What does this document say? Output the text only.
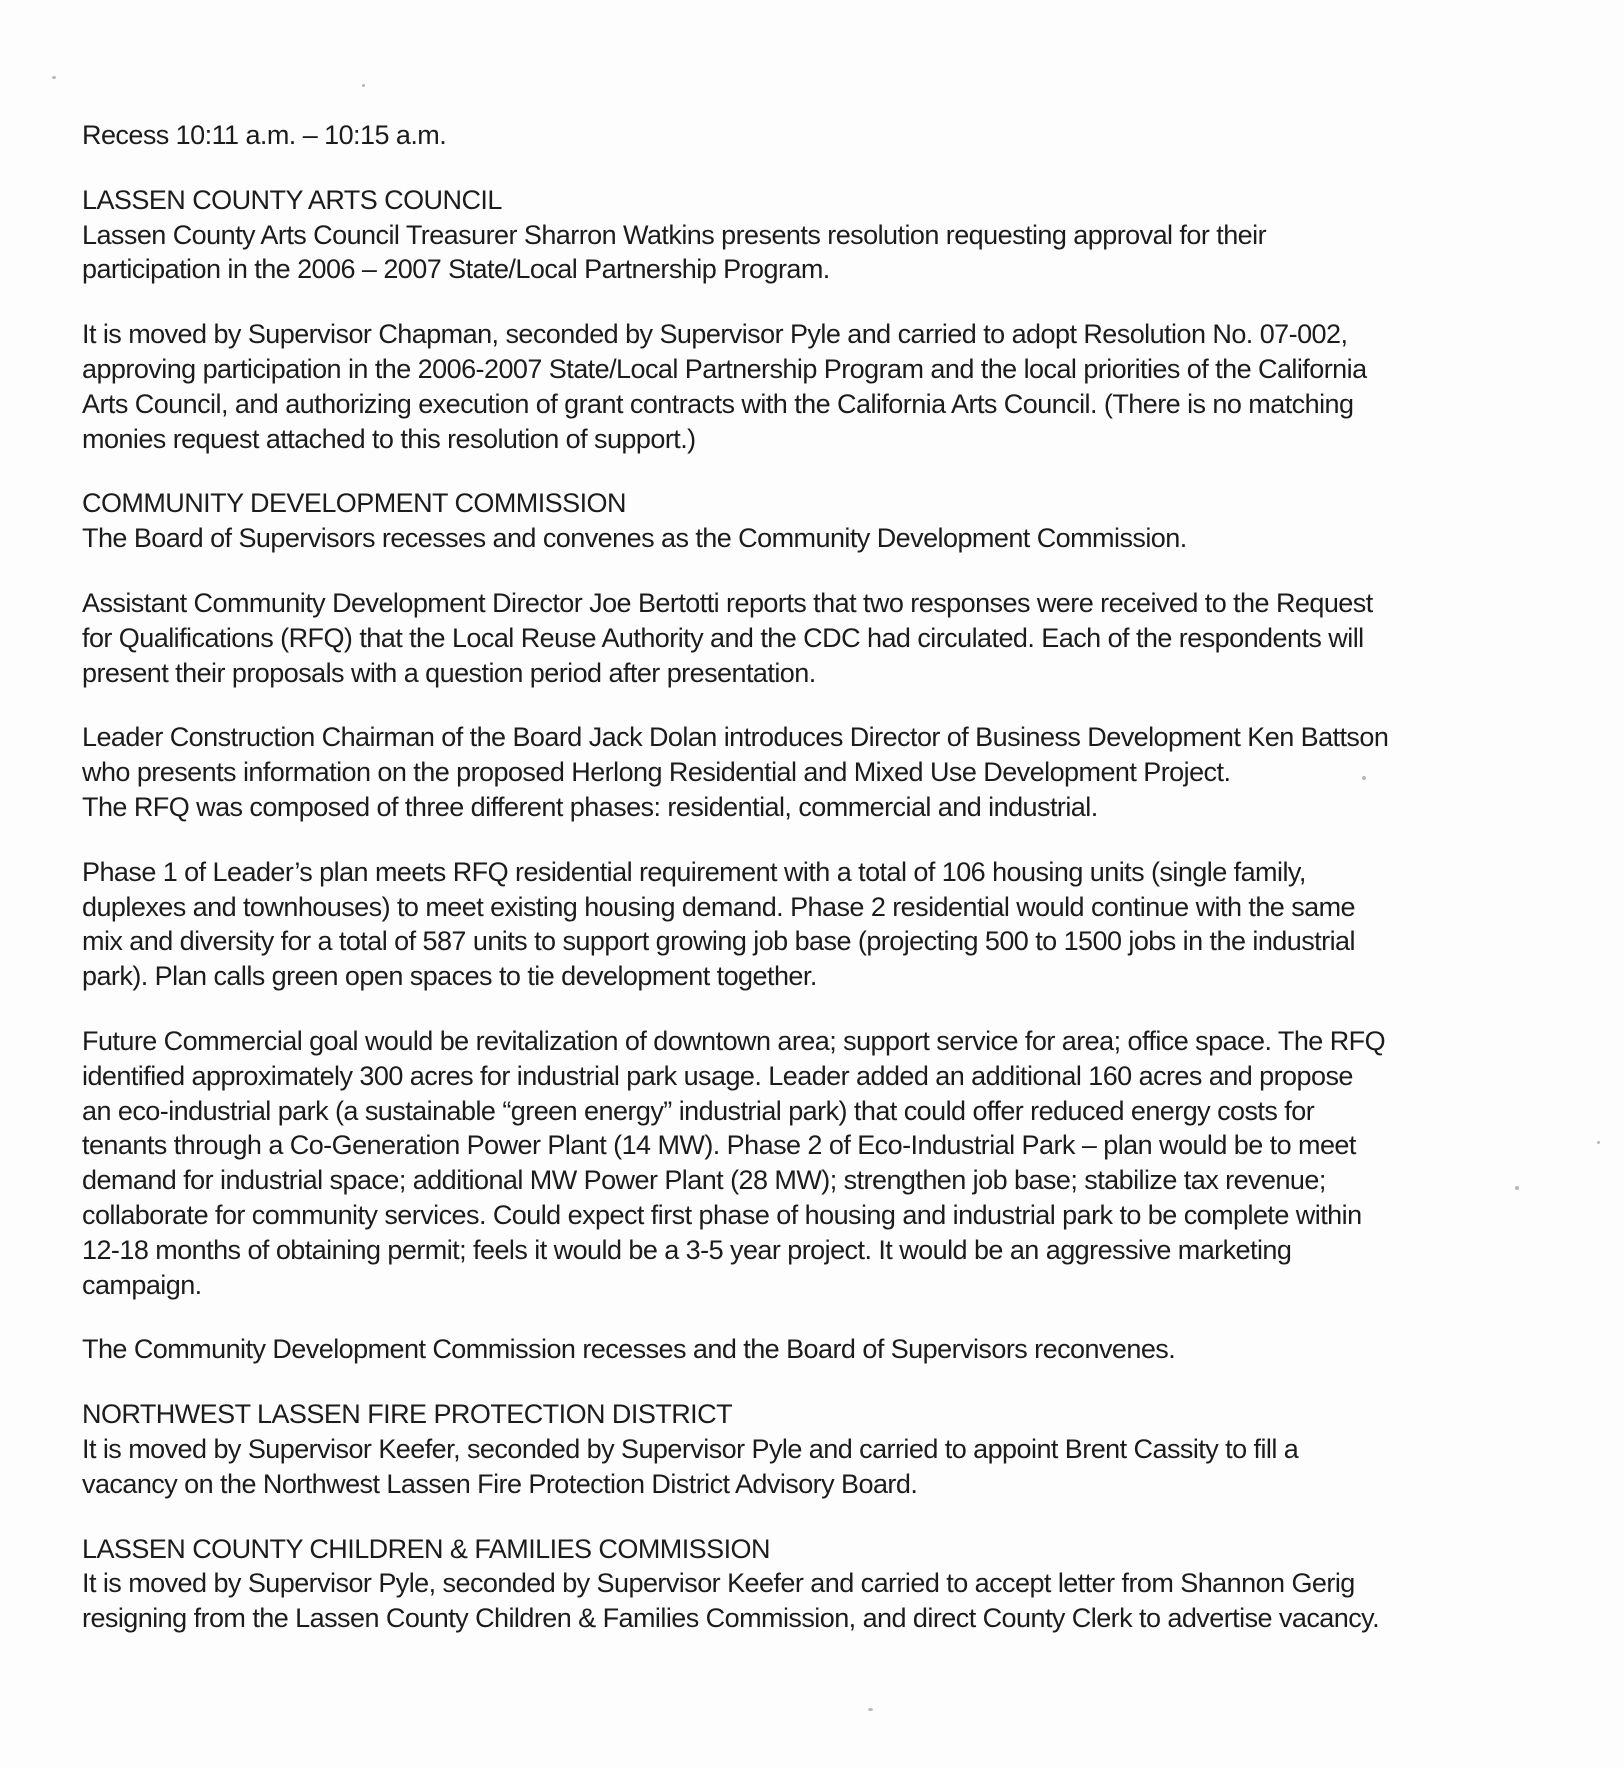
Recess 10:11 a.m. – 10:15 a.m.

LASSEN COUNTY ARTS COUNCIL

Lassen County Arts Council Treasurer Sharron Watkins presents resolution requesting approval for their

participation in the 2006 – 2007 State/Local Partnership Program.

It is moved by Supervisor Chapman, seconded by Supervisor Pyle and carried to adopt Resolution No. 07-002,

approving participation in the 2006-2007 State/Local Partnership Program and the local priorities of the California

Arts Council, and authorizing execution of grant contracts with the California Arts Council. (There is no matching

monies request attached to this resolution of support.)

COMMUNITY DEVELOPMENT COMMISSION

The Board of Supervisors recesses and convenes as the Community Development Commission.

Assistant Community Development Director Joe Bertotti reports that two responses were received to the Request

for Qualifications (RFQ) that the Local Reuse Authority and the CDC had circulated. Each of the respondents will

present their proposals with a question period after presentation.

Leader Construction Chairman of the Board Jack Dolan introduces Director of Business Development Ken Battson

who presents information on the proposed Herlong Residential and Mixed Use Development Project.

The RFQ was composed of three different phases: residential, commercial and industrial.

Phase 1 of Leader’s plan meets RFQ residential requirement with a total of 106 housing units (single family,

duplexes and townhouses) to meet existing housing demand. Phase 2 residential would continue with the same

mix and diversity for a total of 587 units to support growing job base (projecting 500 to 1500 jobs in the industrial

park). Plan calls green open spaces to tie development together.

Future Commercial goal would be revitalization of downtown area; support service for area; office space. The RFQ

identified approximately 300 acres for industrial park usage. Leader added an additional 160 acres and propose

an eco-industrial park (a sustainable “green energy” industrial park) that could offer reduced energy costs for

tenants through a Co-Generation Power Plant (14 MW). Phase 2 of Eco-Industrial Park – plan would be to meet

demand for industrial space; additional MW Power Plant (28 MW); strengthen job base; stabilize tax revenue;

collaborate for community services. Could expect first phase of housing and industrial park to be complete within

12-18 months of obtaining permit; feels it would be a 3-5 year project. It would be an aggressive marketing

campaign.

The Community Development Commission recesses and the Board of Supervisors reconvenes.

NORTHWEST LASSEN FIRE PROTECTION DISTRICT

It is moved by Supervisor Keefer, seconded by Supervisor Pyle and carried to appoint Brent Cassity to fill a

vacancy on the Northwest Lassen Fire Protection District Advisory Board.

LASSEN COUNTY CHILDREN & FAMILIES COMMISSION

It is moved by Supervisor Pyle, seconded by Supervisor Keefer and carried to accept letter from Shannon Gerig

resigning from the Lassen County Children & Families Commission, and direct County Clerk to advertise vacancy.
